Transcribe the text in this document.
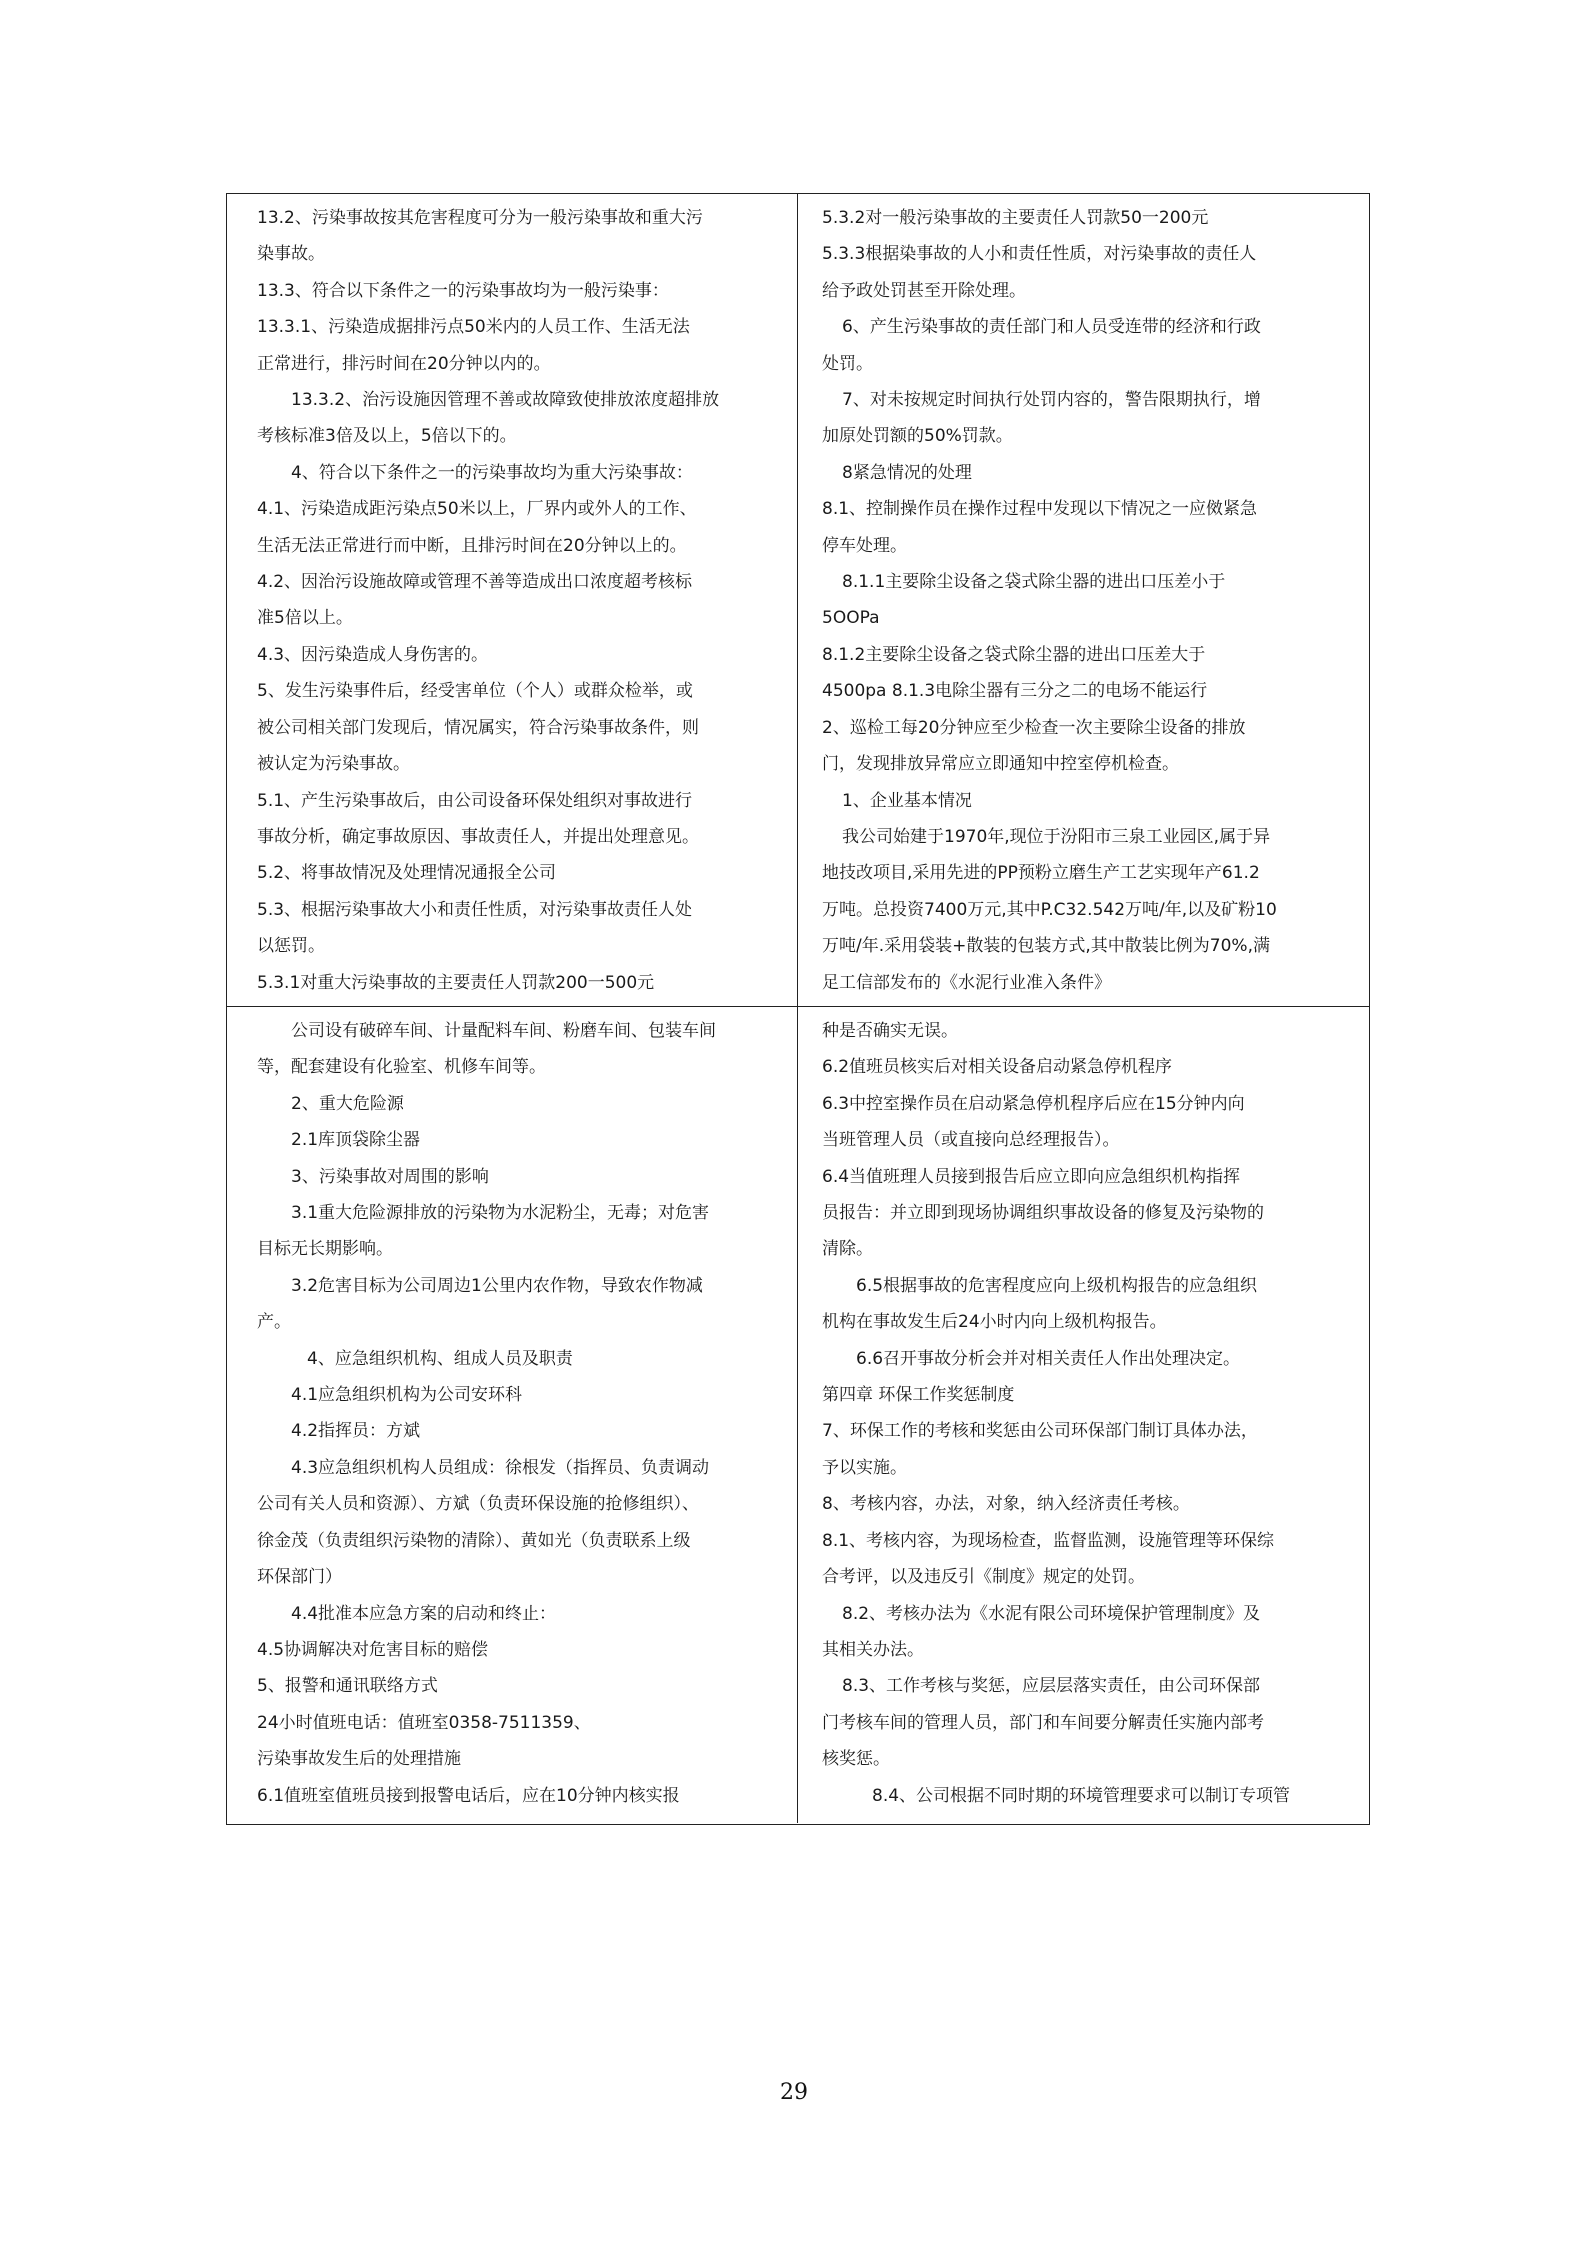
13.2、污染事故按其危害程度可分为一般污染事故和重大污
染事故。
13.3、符合以下条件之一的污染事故均为一般污染事：
13.3.1、污染造成据排污点50米内的人员工作、生活无法
正常进行，排污时间在20分钟以内的。
13.3.2、治污设施因管理不善或故障致使排放浓度超排放
考核标准3倍及以上，5倍以下的。
4、符合以下条件之一的污染事故均为重大污染事故：
4.1、污染造成距污染点50米以上，厂界内或外人的工作、
生活无法正常进行而中断，且排污时间在20分钟以上的。
4.2、因治污设施故障或管理不善等造成出口浓度超考核标
准5倍以上。
4.3、因污染造成人身伤害的。
5、发生污染事件后，经受害单位（个人）或群众检举，或
被公司相关部门发现后，情况属实，符合污染事故条件，则
被认定为污染事故。
5.1、产生污染事故后，由公司设备环保处组织对事故进行
事故分析，确定事故原因、事故责任人，并提出处理意见。
5.2、将事故情况及处理情况通报全公司
5.3、根据污染事故大小和责任性质，对污染事故责任人处
以惩罚。
5.3.1对重大污染事故的主要责任人罚款200一500元
5.3.2对一般污染事故的主要责任人罚款50一200元
5.3.3根据染事故的人小和责任性质，对污染事故的责任人
给予政处罚甚至开除处理。
6、产生污染事故的责任部门和人员受连带的经济和行政
处罚。
7、对未按规定时间执行处罚内容的，警告限期执行，增
加原处罚额的50%罚款。
8紧急情况的处理
8.1、控制操作员在操作过程中发现以下情况之一应傚紧急
停车处理。
8.1.1主要除尘设备之袋式除尘器的进出口压差小于
5OOPa
8.1.2主要除尘设备之袋式除尘器的进出口压差大于
4500pa 8.1.3电除尘器有三分之二的电场不能运行
2、巡检工每20分钟应至少检查一次主要除尘设备的排放
门，发现排放异常应立即通知中控室停机检查。
1、企业基本情况
我公司始建于1970年,现位于汾阳市三泉工业园区,属于异
地技改项目,采用先进的PP预粉立磨生产工艺实现年产61.2
万吨。总投资7400万元,其中P.C32.542万吨/年,以及矿粉10
万吨/年.采用袋装+散装的包装方式,其中散装比例为70%,满
足工信部发布的《水泥行业准入条件》
公司设有破碎车间、计量配料车间、粉磨车间、包装车间
等，配套建设有化验室、机修车间等。
2、重大危险源
2.1库顶袋除尘器
3、污染事故对周围的影响
3.1重大危险源排放的污染物为水泥粉尘，无毒；对危害
目标无长期影响。
3.2危害目标为公司周边1公里内农作物，导致农作物减
产。
4、应急组织机构、组成人员及职责
4.1应急组织机构为公司安环科
4.2指挥员：方斌
4.3应急组织机构人员组成：徐根发（指挥员、负责调动
公司有关人员和资源）、方斌（负责环保设施的抢修组织）、
徐金茂（负责组织污染物的清除）、黄如光（负责联系上级
环保部门）
4.4批准本应急方案的启动和终止：
4.5协调解决对危害目标的赔偿
5、报警和通讯联络方式
24小时值班电话：值班室0358-7511359、
污染事故发生后的处理措施
6.1值班室值班员接到报警电话后，应在10分钟内核实报
种是否确实无误。
6.2值班员核实后对相关设备启动紧急停机程序
6.3中控室操作员在启动紧急停机程序后应在15分钟内向
当班管理人员（或直接向总经理报告）。
6.4当值班理人员接到报告后应立即向应急组织机构指挥
员报告：并立即到现场协调组织事故设备的修复及污染物的
清除。
6.5根据事故的危害程度应向上级机构报告的应急组织
机构在事故发生后24小时内向上级机构报告。
6.6召开事故分析会并对相关责任人作出处理决定。
第四章 环保工作奖惩制度
7、环保工作的考核和奖惩由公司环保部门制订具体办法，
予以实施。
8、考核内容，办法，对象，纳入经济责任考核。
8.1、考核内容，为现场检查，监督监测，设施管理等环保综
合考评，以及违反引《制度》规定的处罚。
8.2、考核办法为《水泥有限公司环境保护管理制度》及
其相关办法。
8.3、工作考核与奖惩，应层层落实责任，由公司环保部
门考核车间的管理人员，部门和车间要分解责任实施内部考
核奖惩。
8.4、公司根据不同时期的环境管理要求可以制订专项管
29
